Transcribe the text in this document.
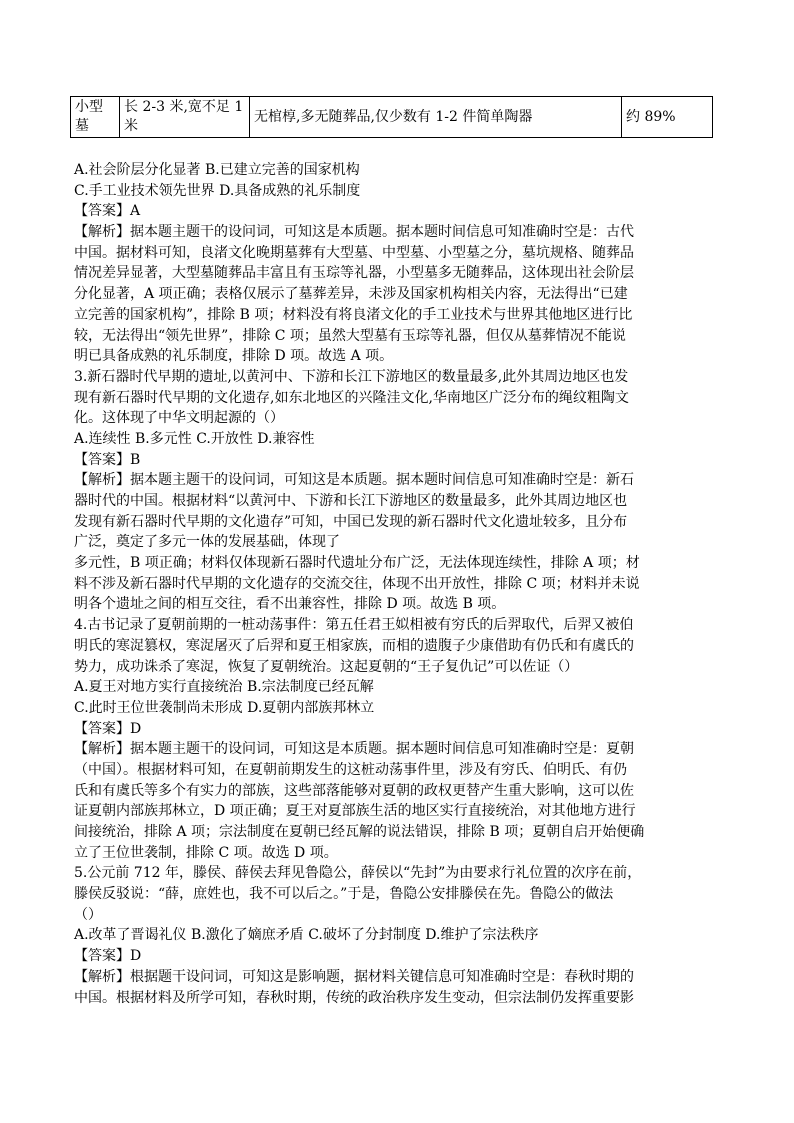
小型墓	长 2-3 米,宽不足 1 米	无棺椁,多无随葬品,仅少数有 1-2 件简单陶器	约 89%
A.社会阶层分化显著 B.已建立完善的国家机构
C.手工业技术领先世界 D.具备成熟的礼乐制度
【答案】A
【解析】据本题主题干的设问词，可知这是本质题。据本题时间信息可知准确时空是：古代
中国。据材料可知，良渚文化晚期墓葬有大型墓、中型墓、小型墓之分，墓坑规格、随葬品
情况差异显著，大型墓随葬品丰富且有玉琮等礼器，小型墓多无随葬品，这体现出社会阶层
分化显著，A 项正确；表格仅展示了墓葬差异，未涉及国家机构相关内容，无法得出“已建
立完善的国家机构”，排除 B 项；材料没有将良渚文化的手工业技术与世界其他地区进行比
较，无法得出“领先世界”，排除 C 项；虽然大型墓有玉琮等礼器，但仅从墓葬情况不能说
明已具备成熟的礼乐制度，排除 D 项。故选 A 项。
3.新石器时代早期的遗址,以黄河中、下游和长江下游地区的数量最多,此外其周边地区也发
现有新石器时代早期的文化遗存,如东北地区的兴隆洼文化,华南地区广泛分布的绳纹粗陶文
化。这体现了中华文明起源的（）
A.连续性 B.多元性 C.开放性 D.兼容性
【答案】B
【解析】据本题主题干的设问词，可知这是本质题。据本题时间信息可知准确时空是：新石
器时代的中国。根据材料“以黄河中、下游和长江下游地区的数量最多，此外其周边地区也
发现有新石器时代早期的文化遗存”可知，中国已发现的新石器时代文化遗址较多，且分布
广泛，奠定了多元一体的发展基础，体现了
多元性，B 项正确；材料仅体现新石器时代遗址分布广泛，无法体现连续性，排除 A 项；材
料不涉及新石器时代早期的文化遗存的交流交往，体现不出开放性，排除 C 项；材料并未说
明各个遗址之间的相互交往，看不出兼容性，排除 D 项。故选 B 项。
4.古书记录了夏朝前期的一桩动荡事件：第五任君王姒相被有穷氏的后羿取代，后羿又被伯
明氏的寒浞篡权，寒浞屠灭了后羿和夏王相家族，而相的遗腹子少康借助有仍氏和有虞氏的
势力，成功诛杀了寒浞，恢复了夏朝统治。这起夏朝的“王子复仇记”可以佐证（）
A.夏王对地方实行直接统治 B.宗法制度已经瓦解
C.此时王位世袭制尚未形成 D.夏朝内部族邦林立
【答案】D
【解析】据本题主题干的设问词，可知这是本质题。据本题时间信息可知准确时空是：夏朝
（中国）。根据材料可知，在夏朝前期发生的这桩动荡事件里，涉及有穷氏、伯明氏、有仍
氏和有虞氏等多个有实力的部族，这些部落能够对夏朝的政权更替产生重大影响，这可以佐
证夏朝内部族邦林立，D 项正确；夏王对夏部族生活的地区实行直接统治，对其他地方进行
间接统治，排除 A 项；宗法制度在夏朝已经瓦解的说法错误，排除 B 项；夏朝自启开始便确
立了王位世袭制，排除 C 项。故选 D 项。
5.公元前 712 年，滕侯、薛侯去拜见鲁隐公，薛侯以“先封”为由要求行礼位置的次序在前，
滕侯反驳说：“薛，庶姓也，我不可以后之。”于是，鲁隐公安排滕侯在先。鲁隐公的做法
（）
A.改革了晋谒礼仪 B.激化了嫡庶矛盾 C.破坏了分封制度 D.维护了宗法秩序
【答案】D
【解析】根据题干设问词，可知这是影响题，据材料关键信息可知准确时空是：春秋时期的
中国。根据材料及所学可知，春秋时期，传统的政治秩序发生变动，但宗法制仍发挥重要影
